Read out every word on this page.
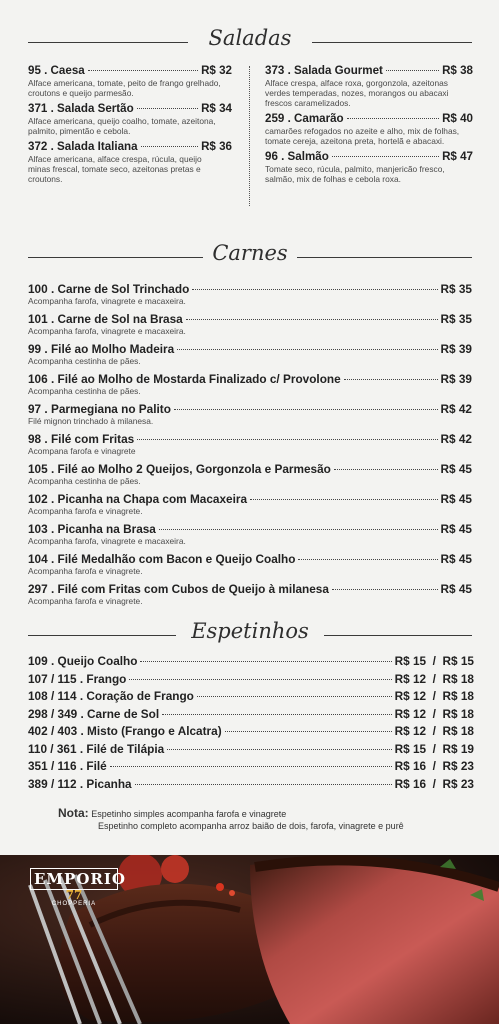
Saladas
95 . Caesa	R$ 32
Alface americana, tomate, peito de frango grelhado,
croutons e queijo parmesão.
371 . Salada Sertão	R$ 34
Alface americana, queijo coalho, tomate, azeitona,
palmito, pimentão e cebola.
372 . Salada Italiana	R$ 36
Alface americana, alface crespa, rúcula, queijo
minas frescal, tomate seco, azeitonas pretas e
croutons.
373 . Salada Gourmet	R$ 38
Alface crespa, alface roxa, gorgonzola, azeitonas
verdes temperadas, nozes, morangos ou abacaxi
frescos caramelizados.
259 . Camarão	R$ 40
camarões refogados no azeite e alho, mix de folhas,
tomate cereja, azeitona preta, hortelã e abacaxi.
96 . Salmão	R$ 47
Tomate seco, rúcula, palmito, manjericão fresco,
salmão, mix de folhas e cebola roxa.
Carnes
100 . Carne de Sol Trinchado	R$ 35
Acompanha farofa, vinagrete e macaxeira.
101 . Carne de Sol na Brasa	R$ 35
Acompanha farofa, vinagrete e macaxeira.
99 . Filé ao Molho Madeira	R$ 39
Acompanha cestinha de pães.
106 . Filé ao Molho de Mostarda Finalizado c/ Provolone	R$ 39
Acompanha cestinha de pães.
97 . Parmegiana no Palito	R$ 42
Filé mignon trinchado à milanesa.
98 . Filé com Fritas	R$ 42
Acompana farofa e vinagrete
105 . Filé ao Molho 2 Queijos, Gorgonzola e Parmesão	R$ 45
Acompanha cestinha de pães.
102 . Picanha na Chapa com Macaxeira	R$ 45
Acompanha farofa e vinagrete.
103 . Picanha na Brasa	R$ 45
Acompanha farofa, vinagrete e macaxeira.
104 . Filé Medalhão com Bacon e Queijo Coalho	R$ 45
Acompanha farofa e vinagrete.
297 . Filé com Fritas com Cubos de Queijo à milanesa	R$ 45
Acompanha farofa e vinagrete.
Espetinhos
109 . Queijo Coalho	R$ 15  /  R$ 15
107 / 115 . Frango	R$ 12  /  R$ 18
108 / 114 . Coração de Frango	R$ 12  /  R$ 18
298 / 349 . Carne de Sol	R$ 12  /  R$ 18
402 / 403 . Misto (Frango e Alcatra)	R$ 12  /  R$ 18
110 / 361 . Filé de Tilápia	R$ 15  /  R$ 19
351 / 116 . Filé	R$ 16  /  R$ 23
389 / 112 . Picanha	R$ 16  /  R$ 23
Nota: Espetinho simples acompanha farofa e vinagrete
Espetinho completo acompanha arroz baião de dois, farofa, vinagrete e purê
EMPORIO
77
CHOPPERIA
